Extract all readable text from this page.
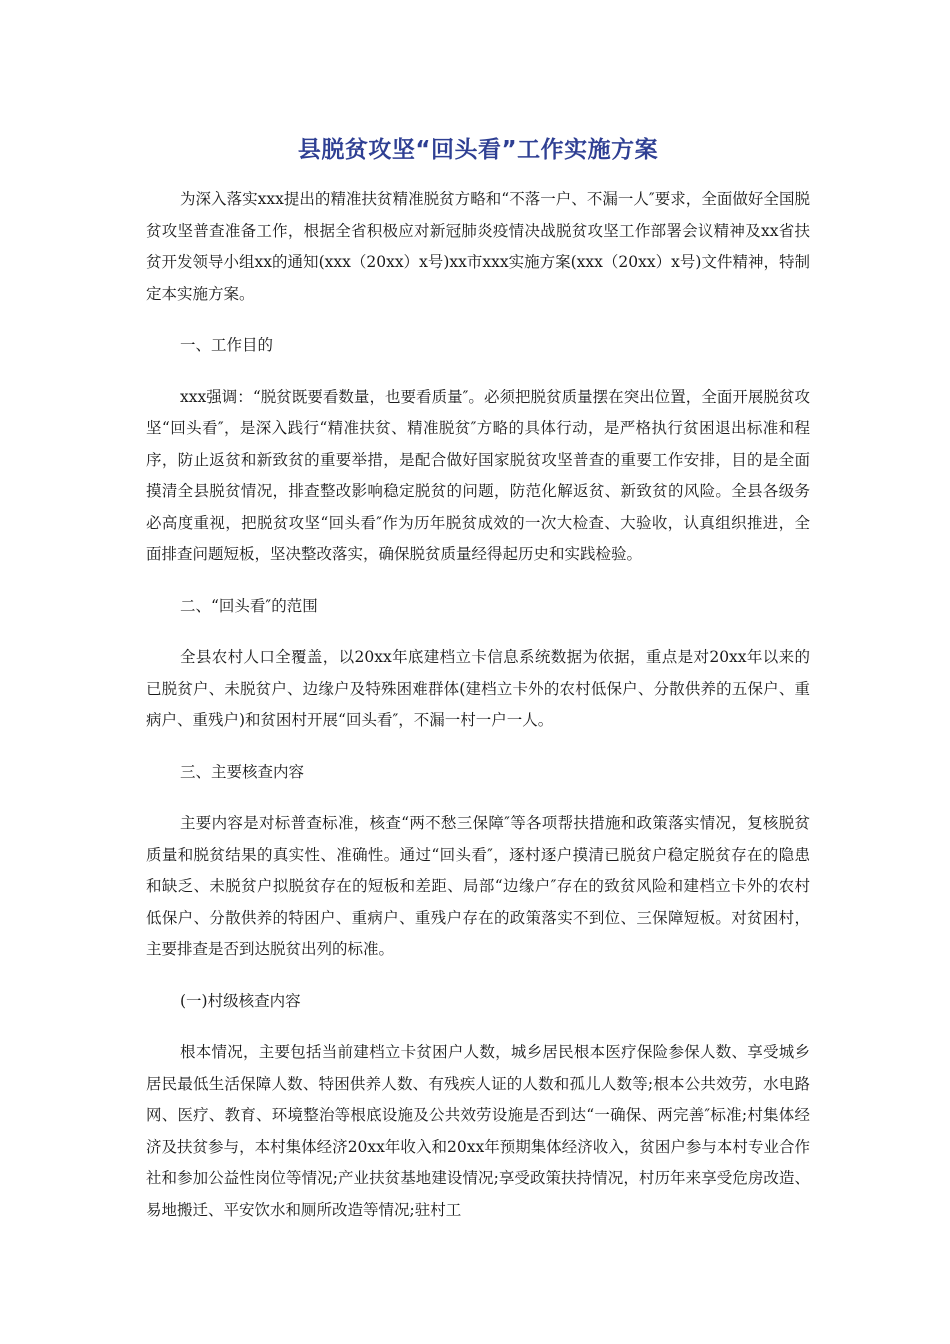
县脱贫攻坚“回头看”工作实施方案

为深入落实xxx提出的精准扶贫精准脱贫方略和“不落一户、不漏一人″要求，全面做好全国脱贫攻坚普查准备工作，根据全省积极应对新冠肺炎疫情决战脱贫攻坚工作部署会议精神及xx省扶贫开发领导小组xx的通知(xxx（20xx）x号)xx市xxx实施方案(xxx（20xx）x号)文件精神，特制定本实施方案。

一、工作目的

xxx强调：“脱贫既要看数量，也要看质量″。必须把脱贫质量摆在突出位置，全面开展脱贫攻坚“回头看″，是深入践行“精准扶贫、精准脱贫″方略的具体行动，是严格执行贫困退出标准和程序，防止返贫和新致贫的重要举措，是配合做好国家脱贫攻坚普查的重要工作安排，目的是全面摸清全县脱贫情况，排查整改影响稳定脱贫的问题，防范化解返贫、新致贫的风险。全县各级务必高度重视，把脱贫攻坚“回头看″作为历年脱贫成效的一次大检查、大验收，认真组织推进，全面排查问题短板，坚决整改落实，确保脱贫质量经得起历史和实践检验。

二、“回头看″的范围

全县农村人口全覆盖，以20xx年底建档立卡信息系统数据为依据，重点是对20xx年以来的已脱贫户、未脱贫户、边缘户及特殊困难群体(建档立卡外的农村低保户、分散供养的五保户、重病户、重残户)和贫困村开展“回头看″，不漏一村一户一人。

三、主要核查内容

主要内容是对标普查标准，核查“两不愁三保障″等各项帮扶措施和政策落实情况，复核脱贫质量和脱贫结果的真实性、准确性。通过“回头看″，逐村逐户摸清已脱贫户稳定脱贫存在的隐患和缺乏、未脱贫户拟脱贫存在的短板和差距、局部“边缘户″存在的致贫风险和建档立卡外的农村低保户、分散供养的特困户、重病户、重残户存在的政策落实不到位、三保障短板。对贫困村，主要排查是否到达脱贫出列的标准。

(一)村级核查内容

根本情况，主要包括当前建档立卡贫困户人数，城乡居民根本医疗保险参保人数、享受城乡居民最低生活保障人数、特困供养人数、有残疾人证的人数和孤儿人数等;根本公共效劳，水电路网、医疗、教育、环境整治等根底设施及公共效劳设施是否到达“一确保、两完善″标准;村集体经济及扶贫参与，本村集体经济20xx年收入和20xx年预期集体经济收入，贫困户参与本村专业合作社和参加公益性岗位等情况;产业扶贫基地建设情况;享受政策扶持情况，村历年来享受危房改造、易地搬迁、平安饮水和厕所改造等情况;驻村工
